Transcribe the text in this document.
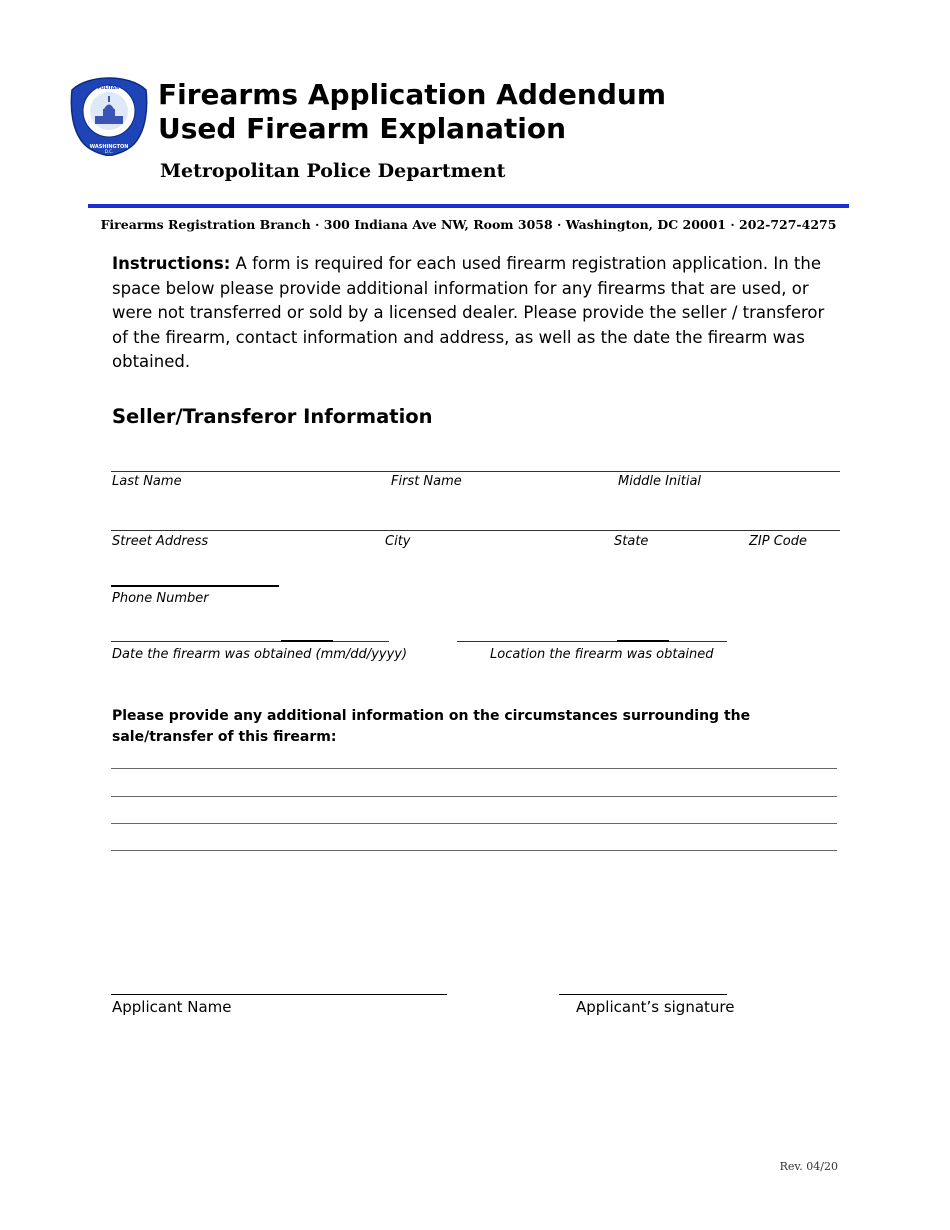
WASHINGTON
METROPOLITAN POLICE
D.C.
Firearms Application Addendum
Used Firearm Explanation
Metropolitan Police Department
Firearms Registration Branch · 300 Indiana Ave NW, Room 3058 · Washington, DC 20001 · 202-727-4275
Instructions: A form is required for each used firearm registration application. In the space below please provide additional information for any firearms that are used, or were not transferred or sold by a licensed dealer. Please provide the seller / transferor of the firearm, contact information and address, as well as the date the firearm was obtained.
Seller/Transferor Information
Last Name	First Name	Middle Initial
Street Address	City	State	ZIP Code
Phone Number
Date the firearm was obtained (mm/dd/yyyy)	Location the firearm was obtained
Please provide any additional information on the circumstances surrounding the sale/transfer of this firearm:
Applicant Name	Applicant’s signature
Rev. 04/20
